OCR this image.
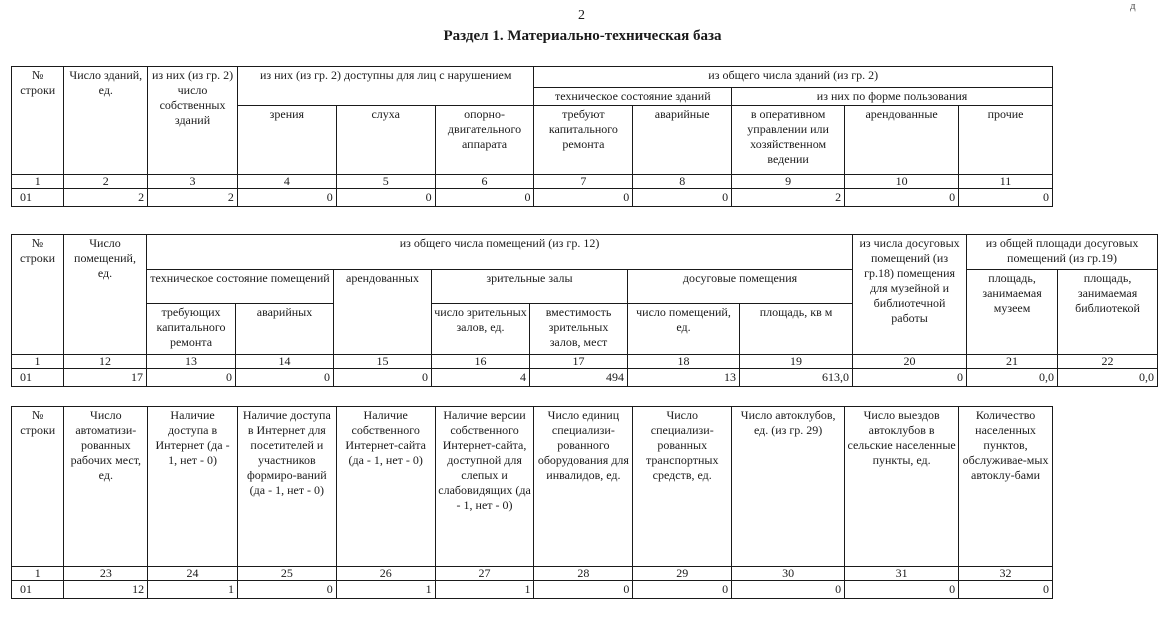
2
д
Раздел 1. Материально-техническая база
№ строки	Число зданий, ед.	из них (из гр. 2) число собственных зданий	из них (из гр. 2) доступны для лиц с нарушением			из общего числа зданий (из гр. 2)				
						техническое состояние зданий		из них по форме пользования		
			зрения	слуха	опорно-двигательного аппарата	требуют капитального ремонта	аварийные	в оперативном управлении или хозяйственном ведении	арендованные	прочие
1	2	3	4	5	6	7	8	9	10	11
01	2	2	0	0	0	0	0	2	0	0
№ строки	Число помещений, ед.	из общего числа помещений (из гр. 12)							из числа досуговых помещений (из гр.18) помещения для музейной и библиотечной работы	из общей площади досуговых помещений (из гр.19)	
		техническое состояние помещений		арендованных	зрительные залы		досуговые помещения			площадь, занимаемая музеем	площадь, занимаемая библиотекой
		требующих капитального ремонта	аварийных		число зрительных залов, ед.	вместимость зрительных залов, мест	число помещений, ед.	площадь, кв м			
1	12	13	14	15	16	17	18	19	20	21	22
01	17	0	0	0	4	494	13	613,0	0	0,0	0,0
№ строки	Число автоматизи-рованных рабочих мест, ед.	Наличие доступа в Интернет (да - 1, нет - 0)	Наличие доступа в Интернет для посетителей и участников формиро-ваний (да - 1, нет - 0)	Наличие собственного Интернет-сайта (да - 1, нет - 0)	Наличие версии собственного Интернет-сайта, доступной для слепых и слабовидящих (да - 1, нет - 0)	Число единиц специализи-рованного оборудования для инвалидов, ед.	Число специализи-рованных транспортных средств, ед.	Число автоклубов, ед. (из гр. 29)	Число выездов автоклубов в сельские населенные пункты, ед.	Количество населенных пунктов, обслуживае-мых автоклу-бами
1	23	24	25	26	27	28	29	30	31	32
01	12	1	0	1	1	0	0	0	0	0
